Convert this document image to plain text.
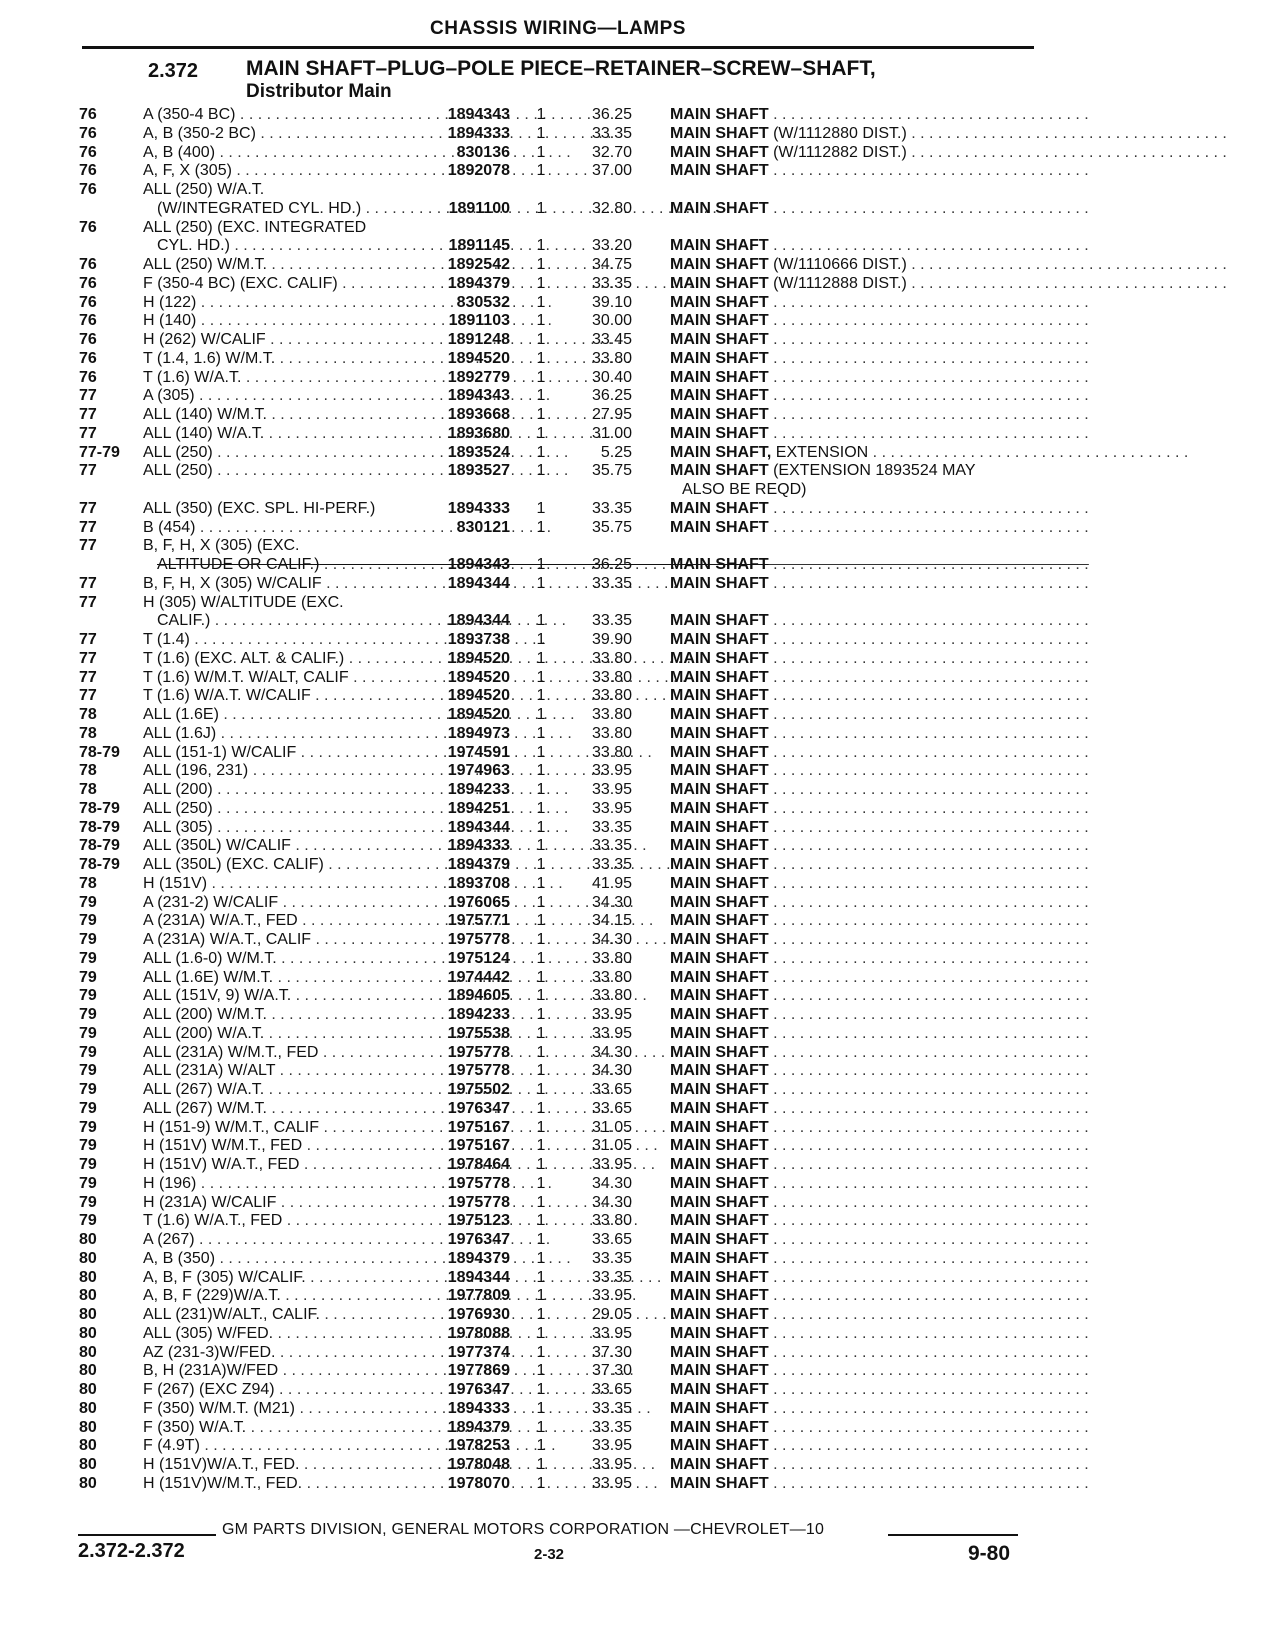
CHASSIS WIRING—LAMPS
2.372 MAIN SHAFT–PLUG–POLE PIECE–RETAINER–SCREW–SHAFT,
Distributor Main
76	A (350-4 BC) . . .	1894343 1	36.25 MAIN SHAFT . . . . . . . . . . . . . . . . . . . . . . . . . . . . . . . . . . . .
76	A, B (350-2 BC) . . .	1894333 1	33.35 MAIN SHAFT (W/1112880 DIST.) . . . . . . . . . . . . . . . . . . . . . . . . . . . . . . . . . . . .
76	A, B (400) . . .	830136 1	32.70 MAIN SHAFT (W/1112882 DIST.) . . . . . . . . . . . . . . . . . . . . . . . . . . . . . . . . . . . .
76	A, F, X (305) . . .	1892078 1	37.00 MAIN SHAFT . . . . . . . . . . . . . . . . . . . . . . . . . . . . . . . . . . . .
76	ALL (250) W/A.T.
(W/INTEGRATED CYL. HD.) . . .	1891100 1	32.80 MAIN SHAFT . . . . . . . . . . . . . . . . . . . . . . . . . . . . . . . . . . . .
76	ALL (250) (EXC. INTEGRATED
CYL. HD.) . . .	1891145 1	33.20 MAIN SHAFT . . . . . . . . . . . . . . . . . . . . . . . . . . . . . . . . . . . .
76	ALL (250) W/M.T. . . .	1892542 1	34.75 MAIN SHAFT (W/1110666 DIST.) . . . . . . . . . . . . . . . . . . . . . . . . . . . . . . . . . . . .
76	F (350-4 BC) (EXC. CALIF) . . .	1894379 1	33.35 MAIN SHAFT (W/1112888 DIST.) . . . . . . . . . . . . . . . . . . . . . . . . . . . . . . . . . . . .
76	H (122) . . .	830532 1	39.10 MAIN SHAFT . . . . . . . . . . . . . . . . . . . . . . . . . . . . . . . . . . . .
76	H (140) . . .	1891103 1	30.00 MAIN SHAFT . . . . . . . . . . . . . . . . . . . . . . . . . . . . . . . . . . . .
76	H (262) W/CALIF . . .	1891248 1	33.45 MAIN SHAFT . . . . . . . . . . . . . . . . . . . . . . . . . . . . . . . . . . . .
76	T (1.4, 1.6) W/M.T. . . .	1894520 1	33.80 MAIN SHAFT . . . . . . . . . . . . . . . . . . . . . . . . . . . . . . . . . . . .
76	T (1.6) W/A.T. . . .	1892779 1	30.40 MAIN SHAFT . . . . . . . . . . . . . . . . . . . . . . . . . . . . . . . . . . . .
77	A (305) . . .	1894343 1	36.25 MAIN SHAFT . . . . . . . . . . . . . . . . . . . . . . . . . . . . . . . . . . . .
77	ALL (140) W/M.T. . . .	1893668 1	27.95 MAIN SHAFT . . . . . . . . . . . . . . . . . . . . . . . . . . . . . . . . . . . .
77	ALL (140) W/A.T. . . .	1893680 1	31.00 MAIN SHAFT . . . . . . . . . . . . . . . . . . . . . . . . . . . . . . . . . . . .
77-79	ALL (250) . . .	1893524 1	5.25 MAIN SHAFT, EXTENSION . . . . . . . . . . . . . . . . . . . . . . . . . . . . . . . . . . . .
77	ALL (250) . . .	1893527 1	35.75 MAIN SHAFT (EXTENSION 1893524 MAY
ALSO BE REQD)
77	ALL (350) (EXC. SPL. HI-PERF.)	1894333 1	33.35 MAIN SHAFT . . . . . . . . . . . . . . . . . . . . . . . . . . . . . . . . . . . .
77	B (454) . . .	830121 1	35.75 MAIN SHAFT . . . . . . . . . . . . . . . . . . . . . . . . . . . . . . . . . . . .
77	B, F, H, X (305) (EXC.
ALTITUDE OR CALIF.) . . .	1894343 1	36.25 MAIN SHAFT . . . . . . . . . . . . . . . . . . . . . . . . . . . . . . . . . . . .
77	B, F, H, X (305) W/CALIF . . .	1894344 1	33.35 MAIN SHAFT . . . . . . . . . . . . . . . . . . . . . . . . . . . . . . . . . . . .
77	H (305) W/ALTITUDE (EXC.
CALIF.) . . .	1894344 1	33.35 MAIN SHAFT . . . . . . . . . . . . . . . . . . . . . . . . . . . . . . . . . . . .
77	T (1.4) . . .	1893738 1	39.90 MAIN SHAFT . . . . . . . . . . . . . . . . . . . . . . . . . . . . . . . . . . . .
77	T (1.6) (EXC. ALT. & CALIF.) . . .	1894520 1	33.80 MAIN SHAFT . . . . . . . . . . . . . . . . . . . . . . . . . . . . . . . . . . . .
77	T (1.6) W/M.T. W/ALT, CALIF . . .	1894520 1	33.80 MAIN SHAFT . . . . . . . . . . . . . . . . . . . . . . . . . . . . . . . . . . . .
77	T (1.6) W/A.T. W/CALIF . . .	1894520 1	33.80 MAIN SHAFT . . . . . . . . . . . . . . . . . . . . . . . . . . . . . . . . . . . .
78	ALL (1.6E) . . .	1894520 1	33.80 MAIN SHAFT . . . . . . . . . . . . . . . . . . . . . . . . . . . . . . . . . . . .
78	ALL (1.6J) . . .	1894973 1	33.80 MAIN SHAFT . . . . . . . . . . . . . . . . . . . . . . . . . . . . . . . . . . . .
78-79	ALL (151-1) W/CALIF . . .	1974591 1	33.80 MAIN SHAFT . . . . . . . . . . . . . . . . . . . . . . . . . . . . . . . . . . . .
78	ALL (196, 231) . . .	1974963 1	33.95 MAIN SHAFT . . . . . . . . . . . . . . . . . . . . . . . . . . . . . . . . . . . .
78	ALL (200) . . .	1894233 1	33.95 MAIN SHAFT . . . . . . . . . . . . . . . . . . . . . . . . . . . . . . . . . . . .
78-79	ALL (250) . . .	1894251 1	33.95 MAIN SHAFT . . . . . . . . . . . . . . . . . . . . . . . . . . . . . . . . . . . .
78-79	ALL (305) . . .	1894344 1	33.35 MAIN SHAFT . . . . . . . . . . . . . . . . . . . . . . . . . . . . . . . . . . . .
78-79	ALL (350L) W/CALIF . . .	1894333 1	33.35 MAIN SHAFT . . . . . . . . . . . . . . . . . . . . . . . . . . . . . . . . . . . .
78-79	ALL (350L) (EXC. CALIF) . . .	1894379 1	33.35 MAIN SHAFT . . . . . . . . . . . . . . . . . . . . . . . . . . . . . . . . . . . .
78	H (151V) . . .	1893708 1	41.95 MAIN SHAFT . . . . . . . . . . . . . . . . . . . . . . . . . . . . . . . . . . . .
79	A (231-2) W/CALIF . . .	1976065 1	34.30 MAIN SHAFT . . . . . . . . . . . . . . . . . . . . . . . . . . . . . . . . . . . .
79	A (231A) W/A.T., FED . . .	1975771 1	34.15 MAIN SHAFT . . . . . . . . . . . . . . . . . . . . . . . . . . . . . . . . . . . .
79	A (231A) W/A.T., CALIF . . .	1975778 1	34.30 MAIN SHAFT . . . . . . . . . . . . . . . . . . . . . . . . . . . . . . . . . . . .
79	ALL (1.6-0) W/M.T. . . .	1975124 1	33.80 MAIN SHAFT . . . . . . . . . . . . . . . . . . . . . . . . . . . . . . . . . . . .
79	ALL (1.6E) W/M.T. . . .	1974442 1	33.80 MAIN SHAFT . . . . . . . . . . . . . . . . . . . . . . . . . . . . . . . . . . . .
79	ALL (151V, 9) W/A.T. . . .	1894605 1	33.80 MAIN SHAFT . . . . . . . . . . . . . . . . . . . . . . . . . . . . . . . . . . . .
79	ALL (200) W/M.T. . . .	1894233 1	33.95 MAIN SHAFT . . . . . . . . . . . . . . . . . . . . . . . . . . . . . . . . . . . .
79	ALL (200) W/A.T. . . .	1975538 1	33.95 MAIN SHAFT . . . . . . . . . . . . . . . . . . . . . . . . . . . . . . . . . . . .
79	ALL (231A) W/M.T., FED . . .	1975778 1	34.30 MAIN SHAFT . . . . . . . . . . . . . . . . . . . . . . . . . . . . . . . . . . . .
79	ALL (231A) W/ALT . . .	1975778 1	34.30 MAIN SHAFT . . . . . . . . . . . . . . . . . . . . . . . . . . . . . . . . . . . .
79	ALL (267) W/A.T. . . .	1975502 1	33.65 MAIN SHAFT . . . . . . . . . . . . . . . . . . . . . . . . . . . . . . . . . . . .
79	ALL (267) W/M.T. . . .	1976347 1	33.65 MAIN SHAFT . . . . . . . . . . . . . . . . . . . . . . . . . . . . . . . . . . . .
79	H (151-9) W/M.T., CALIF . . .	1975167 1	31.05 MAIN SHAFT . . . . . . . . . . . . . . . . . . . . . . . . . . . . . . . . . . . .
79	H (151V) W/M.T., FED . . .	1975167 1	31.05 MAIN SHAFT . . . . . . . . . . . . . . . . . . . . . . . . . . . . . . . . . . . .
79	H (151V) W/A.T., FED . . .	1978464 1	33.95 MAIN SHAFT . . . . . . . . . . . . . . . . . . . . . . . . . . . . . . . . . . . .
79	H (196) . . .	1975778 1	34.30 MAIN SHAFT . . . . . . . . . . . . . . . . . . . . . . . . . . . . . . . . . . . .
79	H (231A) W/CALIF . . .	1975778 1	34.30 MAIN SHAFT . . . . . . . . . . . . . . . . . . . . . . . . . . . . . . . . . . . .
79	T (1.6) W/A.T., FED . . .	1975123 1	33.80 MAIN SHAFT . . . . . . . . . . . . . . . . . . . . . . . . . . . . . . . . . . . .
80	A (267) . . .	1976347 1	33.65 MAIN SHAFT . . . . . . . . . . . . . . . . . . . . . . . . . . . . . . . . . . . .
80	A, B (350) . . .	1894379 1	33.35 MAIN SHAFT . . . . . . . . . . . . . . . . . . . . . . . . . . . . . . . . . . . .
80	A, B, F (305) W/CALIF. . . .	1894344 1	33.35 MAIN SHAFT . . . . . . . . . . . . . . . . . . . . . . . . . . . . . . . . . . . .
80	A, B, F (229)W/A.T. . . .	1977809 1	33.95 MAIN SHAFT . . . . . . . . . . . . . . . . . . . . . . . . . . . . . . . . . . . .
80	ALL (231)W/ALT., CALIF. . . .	1976930 1	29.05 MAIN SHAFT . . . . . . . . . . . . . . . . . . . . . . . . . . . . . . . . . . . .
80	ALL (305) W/FED. . . .	1978088 1	33.95 MAIN SHAFT . . . . . . . . . . . . . . . . . . . . . . . . . . . . . . . . . . . .
80	AZ (231-3)W/FED. . . .	1977374 1	37.30 MAIN SHAFT . . . . . . . . . . . . . . . . . . . . . . . . . . . . . . . . . . . .
80	B, H (231A)W/FED . . .	1977869 1	37.30 MAIN SHAFT . . . . . . . . . . . . . . . . . . . . . . . . . . . . . . . . . . . .
80	F (267) (EXC Z94) . . .	1976347 1	33.65 MAIN SHAFT . . . . . . . . . . . . . . . . . . . . . . . . . . . . . . . . . . . .
80	F (350) W/M.T. (M21) . . .	1894333 1	33.35 MAIN SHAFT . . . . . . . . . . . . . . . . . . . . . . . . . . . . . . . . . . . .
80	F (350) W/A.T. . . .	1894379 1	33.35 MAIN SHAFT . . . . . . . . . . . . . . . . . . . . . . . . . . . . . . . . . . . .
80	F (4.9T) . . .	1978253 1	33.95 MAIN SHAFT . . . . . . . . . . . . . . . . . . . . . . . . . . . . . . . . . . . .
80	H (151V)W/A.T., FED. . . .	1978048 1	33.95 MAIN SHAFT . . . . . . . . . . . . . . . . . . . . . . . . . . . . . . . . . . . .
80	H (151V)W/M.T., FED. . . .	1978070 1	33.95 MAIN SHAFT . . . . . . . . . . . . . . . . . . . . . . . . . . . . . . . . . . . .
GM PARTS DIVISION, GENERAL MOTORS CORPORATION —CHEVROLET—10
2.372-2.372	2-32	9-80
